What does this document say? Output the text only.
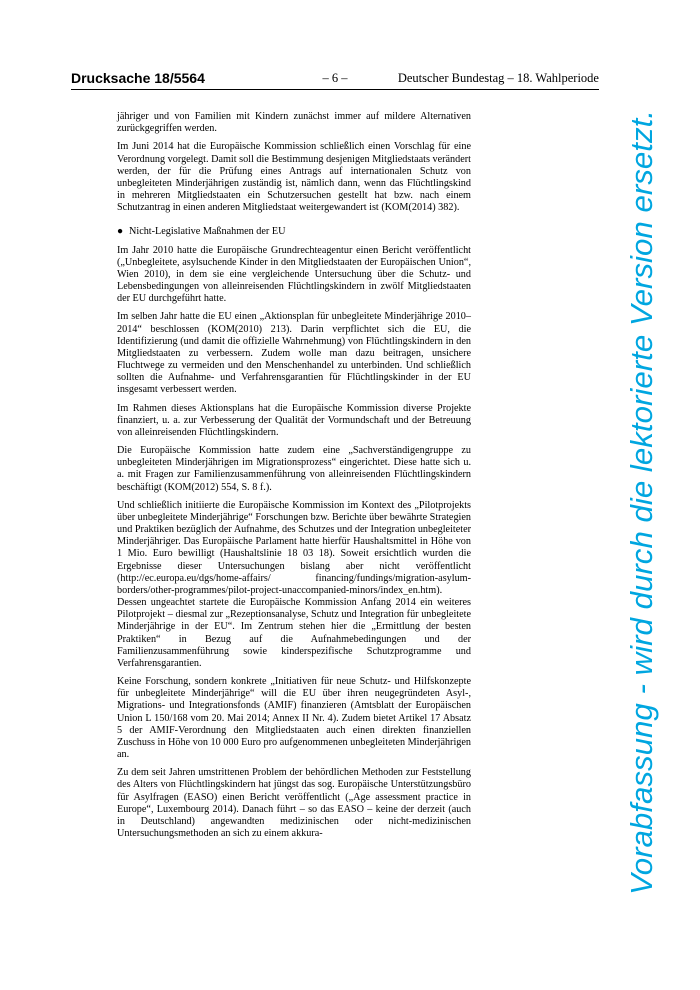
Drucksache 18/5564	– 6 –	Deutscher Bundestag – 18. Wahlperiode

jähriger und von Familien mit Kindern zunächst immer auf mildere Alternativen zurückgegriffen werden.

Im Juni 2014 hat die Europäische Kommission schließlich einen Vorschlag für eine Verordnung vorgelegt. Damit soll die Bestimmung desjenigen Mitgliedstaats verändert werden, der für die Prüfung eines Antrags auf internationalen Schutz von unbegleiteten Minderjährigen zuständig ist, nämlich dann, wenn das Flüchtlingskind in mehreren Mitgliedstaaten ein Schutzersuchen gestellt hat bzw. nach einem Schutzantrag in einen anderen Mitgliedstaat weitergewandert ist (KOM(2014) 382).

● Nicht-Legislative Maßnahmen der EU

Im Jahr 2010 hatte die Europäische Grundrechteagentur einen Bericht veröffentlicht („Unbegleitete, asylsuchende Kinder in den Mitgliedstaaten der Europäischen Union“, Wien 2010), in dem sie eine vergleichende Untersuchung über die Schutz- und Lebensbedingungen von alleinreisenden Flüchtlingskindern in zwölf Mitgliedstaaten der EU durchgeführt hatte.

Im selben Jahr hatte die EU einen „Aktionsplan für unbegleitete Minderjährige 2010–2014“ beschlossen (KOM(2010) 213). Darin verpflichtet sich die EU, die Identifizierung (und damit die offizielle Wahrnehmung) von Flüchtlingskindern in den Mitgliedstaaten zu verbessern. Zudem wolle man dazu beitragen, unsichere Fluchtwege zu vermeiden und den Menschenhandel zu unterbinden. Und schließlich sollten die Aufnahme- und Verfahrensgarantien für Flüchtlingskinder in der EU insgesamt verbessert werden.

Im Rahmen dieses Aktionsplans hat die Europäische Kommission diverse Projekte finanziert, u. a. zur Verbesserung der Qualität der Vormundschaft und der Betreuung von alleinreisenden Flüchtlingskindern.

Die Europäische Kommission hatte zudem eine „Sachverständigengruppe zu unbegleiteten Minderjährigen im Migrationsprozess“ eingerichtet. Diese hatte sich u. a. mit Fragen zur Familienzusammenführung von alleinreisenden Flüchtlingskindern beschäftigt (KOM(2012) 554, S. 8 f.).

Und schließlich initiierte die Europäische Kommission im Kontext des „Pilotprojekts über unbegleitete Minderjährige“ Forschungen bzw. Berichte über bewährte Strategien und Praktiken bezüglich der Aufnahme, des Schutzes und der Integration unbegleiteter Minderjähriger. Das Europäische Parlament hatte hierfür Haushaltsmittel in Höhe von 1 Mio. Euro bewilligt (Haushaltslinie 18 03 18). Soweit ersichtlich wurden die Ergebnisse dieser Untersuchungen bislang aber nicht veröffentlicht (http://ec.europa.eu/dgs/home-affairs/ financing/fundings/migration-asylum-borders/other-programmes/pilot-project-unaccompanied-minors/index_en.htm). Dessen ungeachtet startete die Europäische Kommission Anfang 2014 ein weiteres Pilotprojekt – diesmal zur „Rezeptionsanalyse, Schutz und Integration für unbegleitete Minderjährige in der EU“. Im Zentrum stehen hier die „Ermittlung der besten Praktiken“ in Bezug auf die Aufnahmebedingungen und der Familienzusammenführung sowie kinderspezifische Schutzprogramme und Verfahrensgarantien.

Keine Forschung, sondern konkrete „Initiativen für neue Schutz- und Hilfskonzepte für unbegleitete Minderjährige“ will die EU über ihren neugegründeten Asyl-, Migrations- und Integrationsfonds (AMIF) finanzieren (Amtsblatt der Europäischen Union L 150/168 vom 20. Mai 2014; Annex II Nr. 4). Zudem bietet Artikel 17 Absatz 5 der AMIF-Verordnung den Mitgliedstaaten auch einen direkten finanziellen Zuschuss in Höhe von 10 000 Euro pro aufgenommenen unbegleiteten Minderjährigen an.

Zu dem seit Jahren umstrittenen Problem der behördlichen Methoden zur Feststellung des Alters von Flüchtlingskindern hat jüngst das sog. Europäische Unterstützungsbüro für Asylfragen (EASO) einen Bericht veröffentlicht („Age assessment practice in Europe“, Luxembourg 2014). Danach führt – so das EASO – keine der derzeit (auch in Deutschland) angewandten medizinischen oder nicht-medizinischen Untersuchungsmethoden an sich zu einem akkura-	Vorabfassung - wird durch die lektorierte Version ersetzt.
